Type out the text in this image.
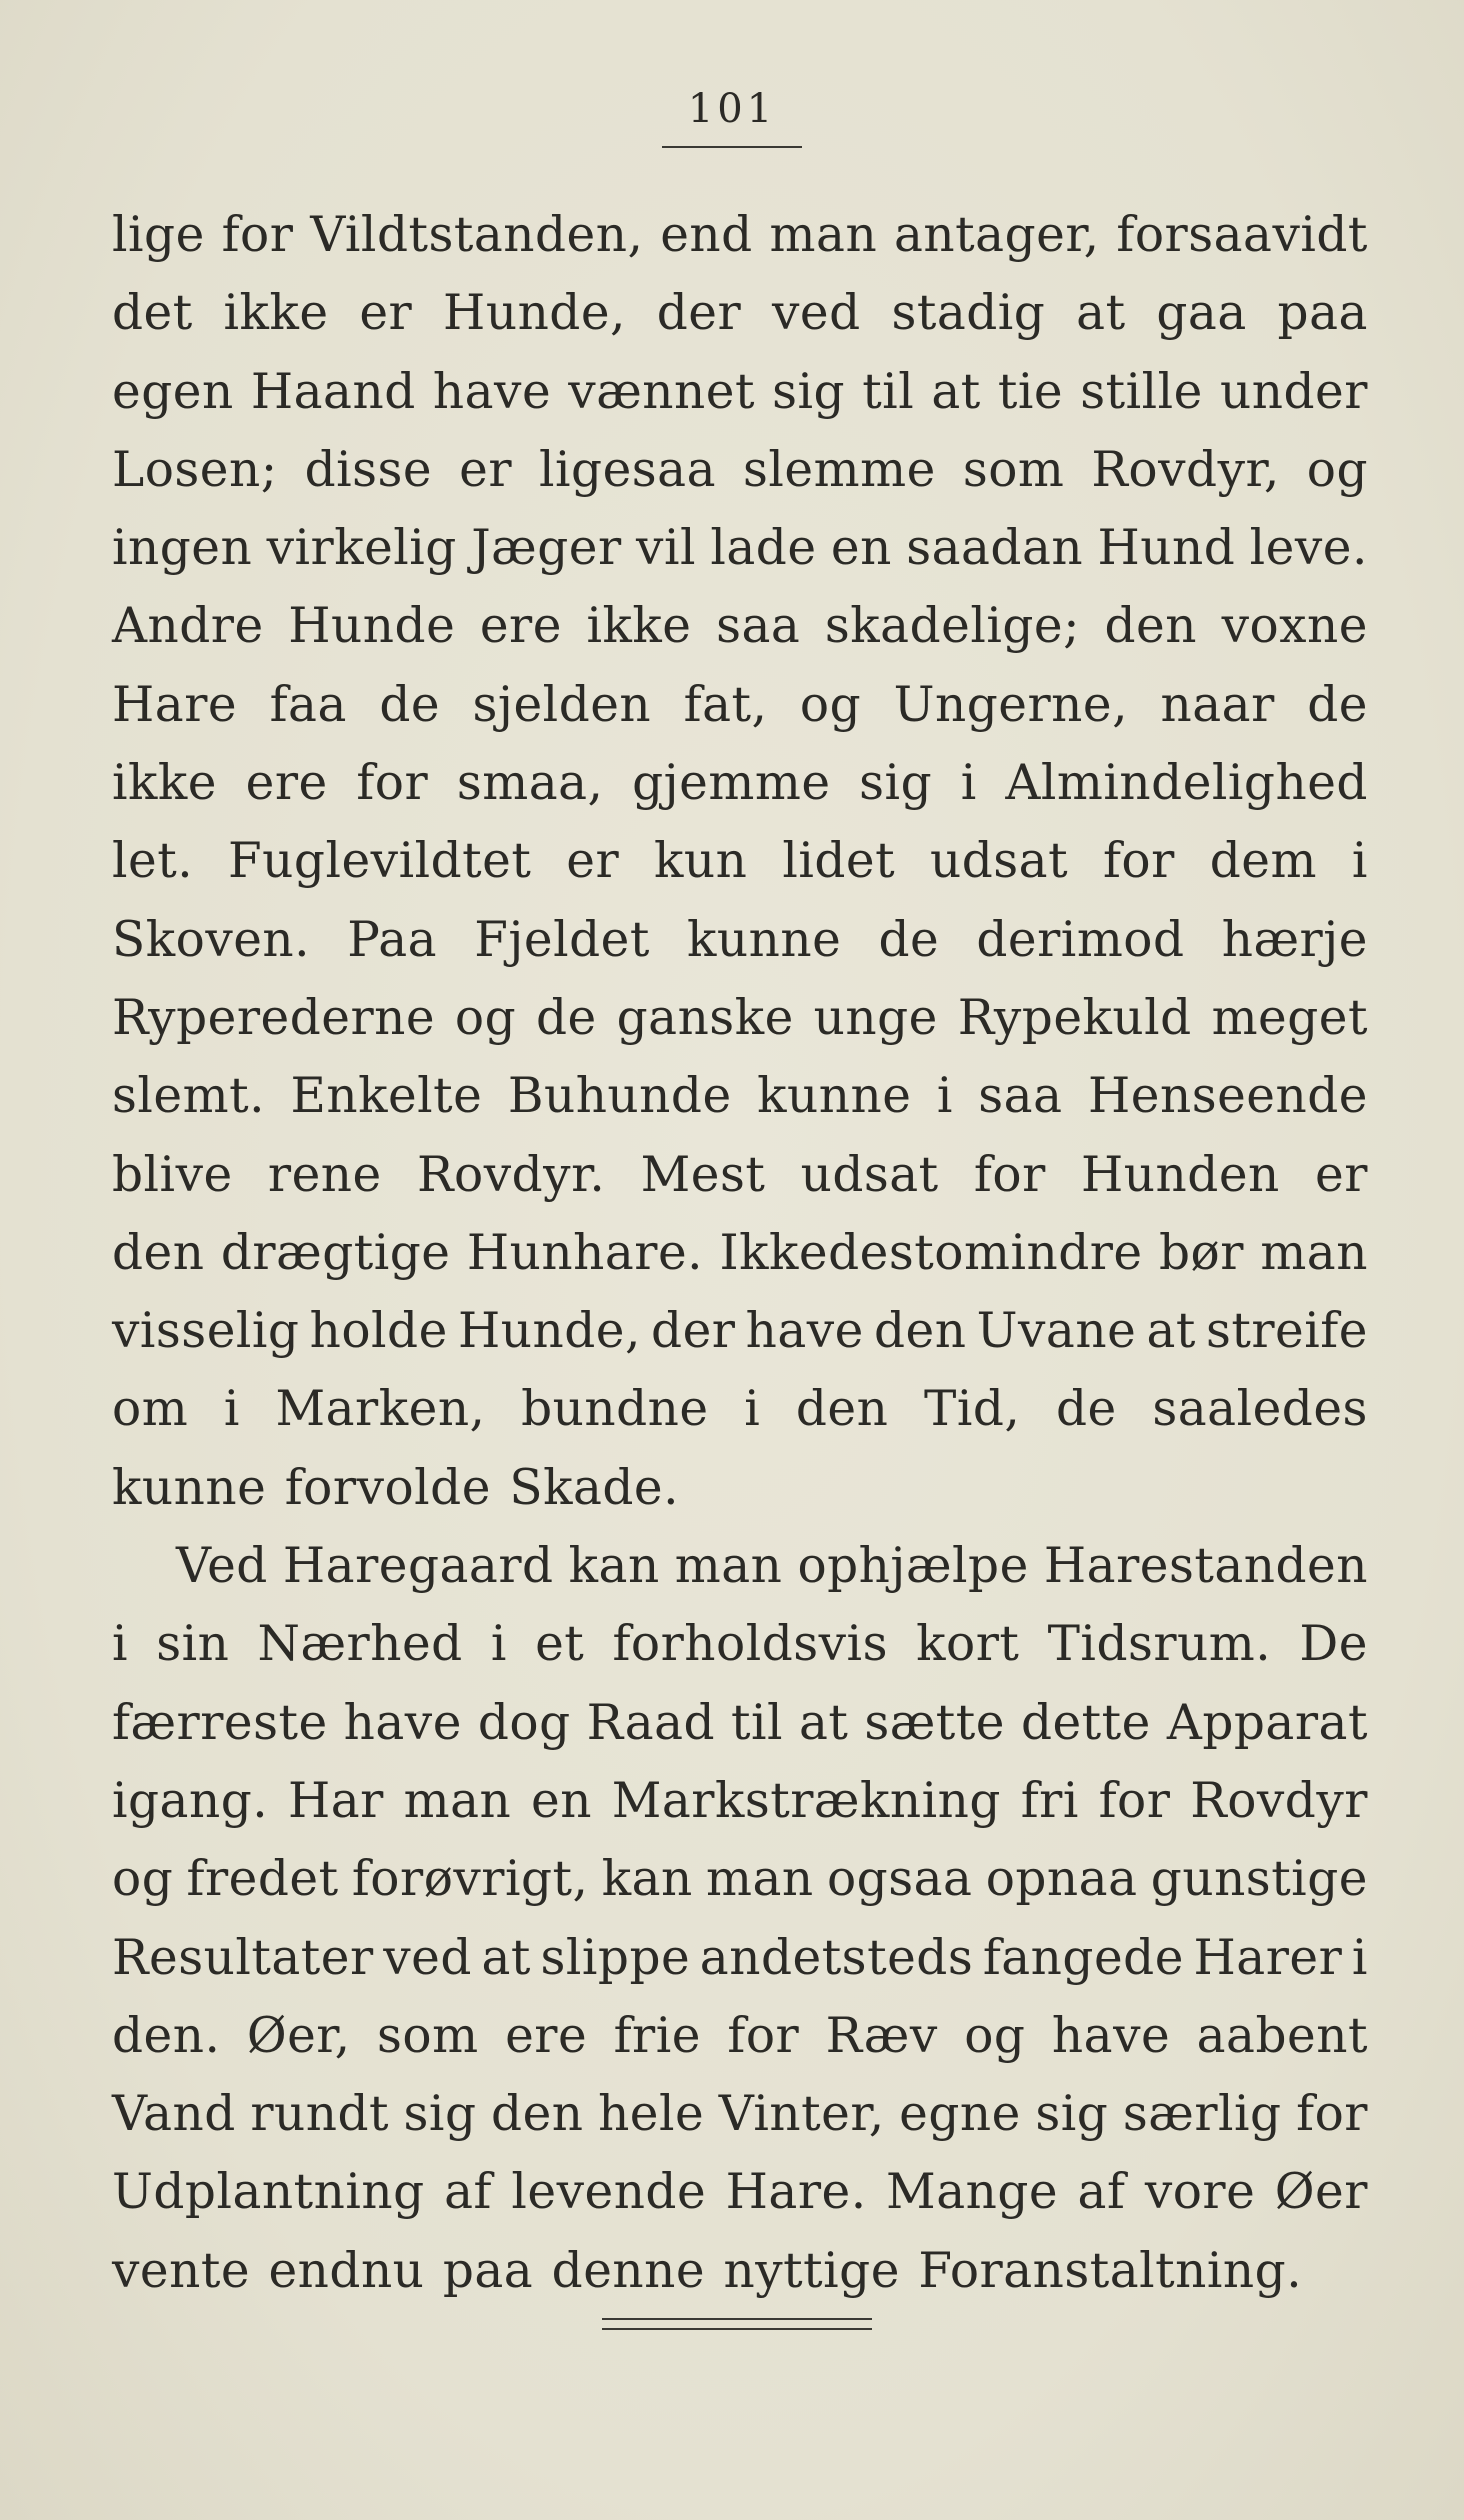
101
lige for Vildtstanden, end man antager, forsaavidt
det ikke er Hunde, der ved stadig at gaa paa
egen Haand have vænnet sig til at tie stille under
Losen; disse er ligesaa slemme som Rovdyr, og
ingen virkelig Jæger vil lade en saadan Hund leve.
Andre Hunde ere ikke saa skadelige; den voxne
Hare faa de sjelden fat, og Ungerne, naar de
ikke ere for smaa, gjemme sig i Almindelighed
let. Fuglevildtet er kun lidet udsat for dem i
Skoven. Paa Fjeldet kunne de derimod hærje
Ryperederne og de ganske unge Rypekuld meget
slemt. Enkelte Buhunde kunne i saa Henseende
blive rene Rovdyr. Mest udsat for Hunden er
den drægtige Hunhare. Ikkedestomindre bør man
visselig holde Hunde, der have den Uvane at streife
om i Marken, bundne i den Tid, de saaledes
kunne forvolde Skade.
Ved Haregaard kan man ophjælpe Harestanden
i sin Nærhed i et forholdsvis kort Tidsrum. De
færreste have dog Raad til at sætte dette Apparat
igang. Har man en Markstrækning fri for Rovdyr
og fredet forøvrigt, kan man ogsaa opnaa gunstige
Resultater ved at slippe andetsteds fangede Harer i
den. Øer, som ere frie for Ræv og have aabent
Vand rundt sig den hele Vinter, egne sig særlig for
Udplantning af levende Hare. Mange af vore Øer
vente endnu paa denne nyttige Foranstaltning.
